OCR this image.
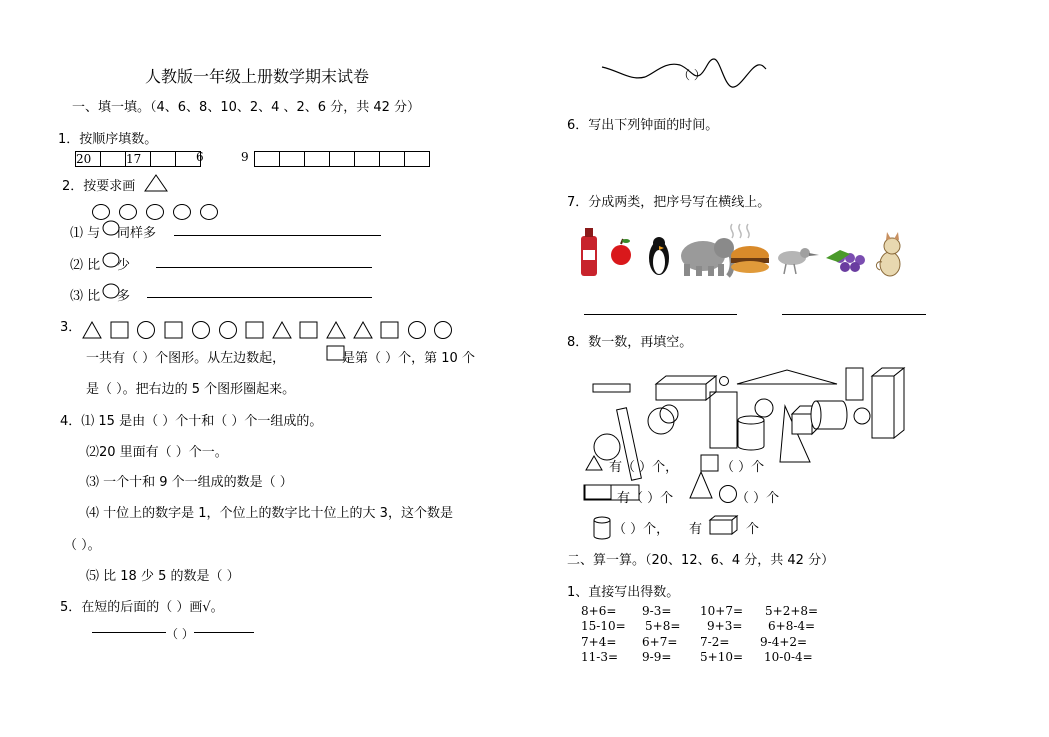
人教版一年级上册数学期末试卷
一、填一填。（4、6、8、10、2、4 、2、6 分，共 42 分）
1．按顺序填数。
20		17			6	9

2．按要求画
⑴ 与 同样多
⑵ 比 少
⑶ 比 多
3．
一共有（ ）个图形。从左边数起，	是第（ ）个，第 10 个
是（ ）。把右边的 5 个图形圈起来。
4．⑴ 15 是由（ ）个十和（ ）个一组成的。
⑵20 里面有（ ）个一。
⑶ 一个十和 9 个一组成的数是（ ）
⑷ 十位上的数字是 1，个位上的数字比十位上的大 3，这个数是
（ ）。
⑸ 比 18 少 5 的数是（ ）
5．在短的后面的（ ）画√。
（ ）
（ ）
6．写出下列钟面的时间。
7．分成两类，把序号写在横线上。
8．数一数，再填空。
有（ ）个，	（ ）个
有（ ）个	（ ）个
（ ）个， 有	个
二、算一算。（20、12、6、4 分，共 42 分）
1、直接写出得数。
8+6= 9-3= 10+7= 5+2+8=
15-10= 5+8= 9+3= 6+8-4=
7+4= 6+7= 7-2=	9-4+2=
11-3= 9-9= 5+10= 10-0-4=
